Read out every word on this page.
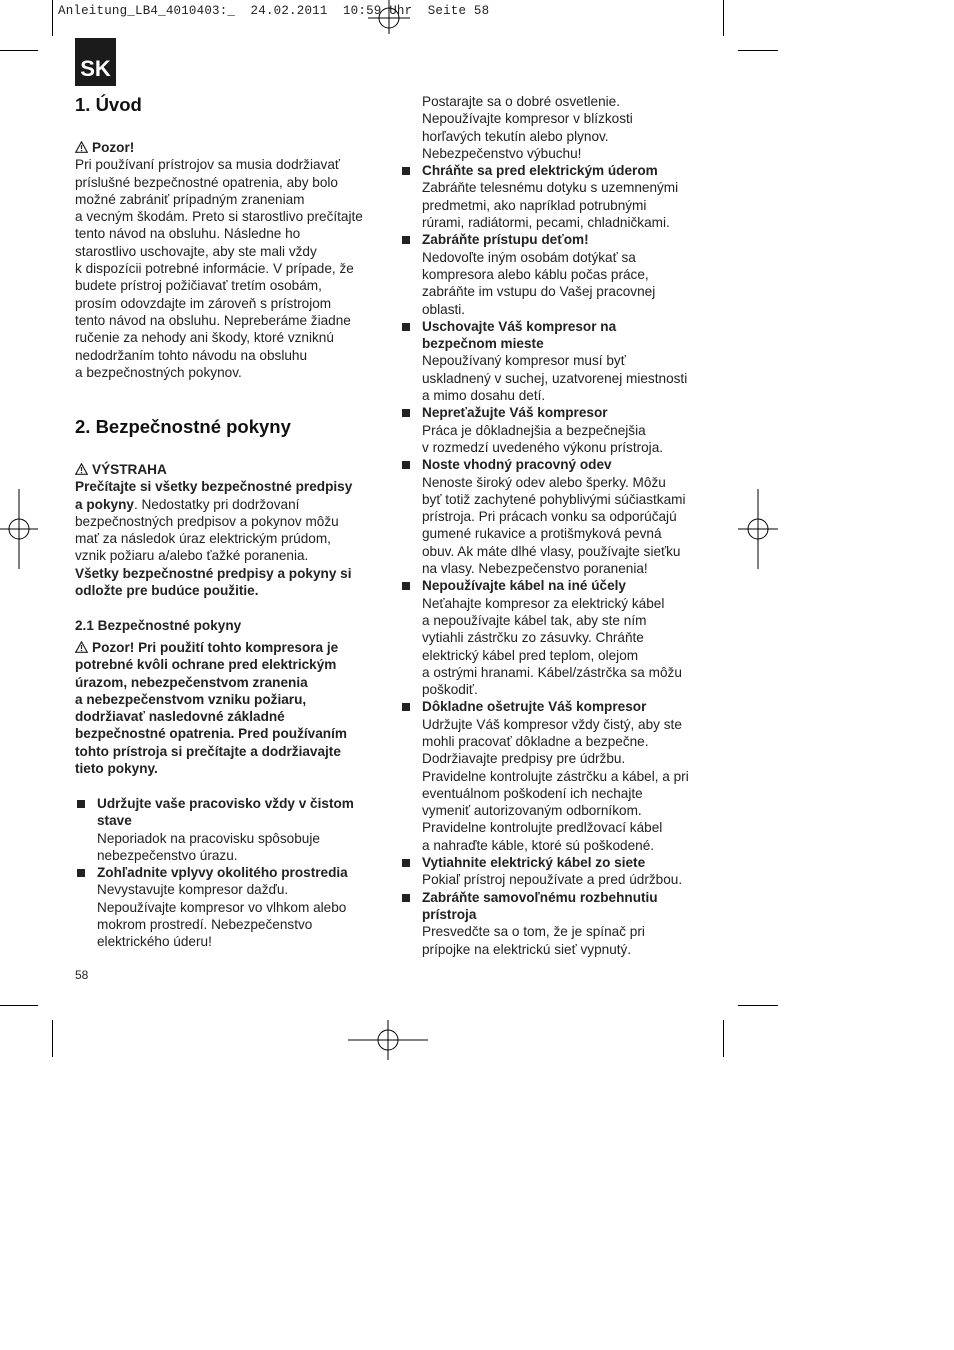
Anleitung_LB4_4010403:_ 24.02.2011 10:59 Uhr Seite 58
SK
1. Úvod
Pozor!
Pri používaní prístrojov sa musia dodržiavať
príslušné bezpečnostné opatrenia, aby bolo
možné zabrániť prípadným zraneniam
a vecným škodám. Preto si starostlivo prečítajte
tento návod na obsluhu. Následne ho
starostlivo uschovajte, aby ste mali vždy
k dispozícii potrebné informácie. V prípade, že
budete prístroj požičiavať tretím osobám,
prosím odovzdajte im zároveň s prístrojom
tento návod na obsluhu. Nepreberáme žiadne
ručenie za nehody ani škody, ktoré vzniknú
nedodržaním tohto návodu na obsluhu
a bezpečnostných pokynov.
2. Bezpečnostné pokyny
VÝSTRAHA
Prečítajte si všetky bezpečnostné predpisy
a pokyny. Nedostatky pri dodržovaní
bezpečnostných predpisov a pokynov môžu
mať za následok úraz elektrickým prúdom,
vznik požiaru a/alebo ťažké poranenia.
Všetky bezpečnostné predpisy a pokyny si
odložte pre budúce použitie.
2.1 Bezpečnostné pokyny
Pozor! Pri použití tohto kompresora je
potrebné kvôli ochrane pred elektrickým
úrazom, nebezpečenstvom zranenia
a nebezpečenstvom vzniku požiaru,
dodržiavať nasledovné základné
bezpečnostné opatrenia. Pred používaním
tohto prístroja si prečítajte a dodržiavajte
tieto pokyny.
Udržujte vaše pracovisko vždy v čistom
stave
Neporiadok na pracovisku spôsobuje
nebezpečenstvo úrazu.
Zohľadnite vplyvy okolitého prostredia
Nevystavujte kompresor dažďu.
Nepoužívajte kompresor vo vlhkom alebo
mokrom prostredí. Nebezpečenstvo
elektrického úderu!
58
Postarajte sa o dobré osvetlenie.
Nepoužívajte kompresor v blízkosti
horľavých tekutín alebo plynov.
Nebezpečenstvo výbuchu!
Chráňte sa pred elektrickým úderom
Zabráňte telesnému dotyku s uzemnenými
predmetmi, ako napríklad potrubnými
rúrami, radiátormi, pecami, chladničkami.
Zabráňte prístupu deťom!
Nedovoľte iným osobám dotýkať sa
kompresora alebo káblu počas práce,
zabráňte im vstupu do Vašej pracovnej
oblasti.
Uschovajte Váš kompresor na
bezpečnom mieste
Nepoužívaný kompresor musí byť
uskladnený v suchej, uzatvorenej miestnosti
a mimo dosahu detí.
Nepreťažujte Váš kompresor
Práca je dôkladnejšia a bezpečnejšia
v rozmedzí uvedeného výkonu prístroja.
Noste vhodný pracovný odev
Nenoste široký odev alebo šperky. Môžu
byť totiž zachytené pohyblivými súčiastkami
prístroja. Pri prácach vonku sa odporúčajú
gumené rukavice a protišmyková pevná
obuv. Ak máte dlhé vlasy, používajte sieťku
na vlasy. Nebezpečenstvo poranenia!
Nepoužívajte kábel na iné účely
Neťahajte kompresor za elektrický kábel
a nepoužívajte kábel tak, aby ste ním
vytiahli zástrčku zo zásuvky. Chráňte
elektrický kábel pred teplom, olejom
a ostrými hranami. Kábel/zástrčka sa môžu
poškodiť.
Dôkladne ošetrujte Váš kompresor
Udržujte Váš kompresor vždy čistý, aby ste
mohli pracovať dôkladne a bezpečne.
Dodržiavajte predpisy pre údržbu.
Pravidelne kontrolujte zástrčku a kábel, a pri
eventuálnom poškodení ich nechajte
vymeniť autorizovaným odborníkom.
Pravidelne kontrolujte predlžovací kábel
a nahraďte káble, ktoré sú poškodené.
Vytiahnite elektrický kábel zo siete
Pokiaľ prístroj nepoužívate a pred údržbou.
Zabráňte samovoľnému rozbehnutiu
prístroja
Presvedčte sa o tom, že je spínač pri
prípojke na elektrickú sieť vypnutý.
